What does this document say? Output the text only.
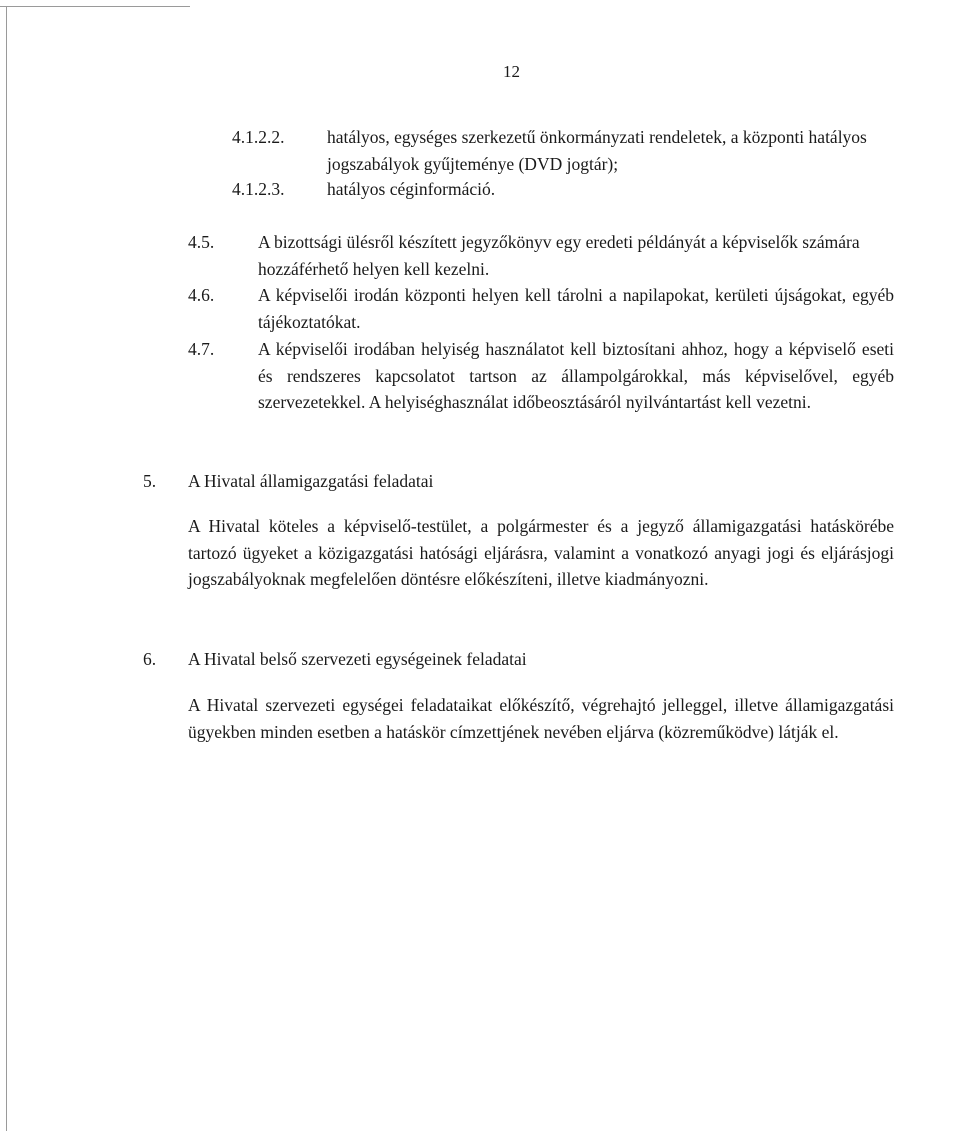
12
4.1.2.2. hatályos, egységes szerkezetű önkormányzati rendeletek, a központi hatályos jogszabályok gyűjteménye (DVD jogtár);

4.1.2.3. hatályos céginformáció.

4.5.	A bizottsági ülésről készített jegyzőkönyv egy eredeti példányát a képviselők számára hozzáférhető helyen kell kezelni.

4.6.	A képviselői irodán központi helyen kell tárolni a napilapokat, kerületi újságokat, egyéb tájékoztatókat.

4.7.	A képviselői irodában helyiség használatot kell biztosítani ahhoz, hogy a képviselő eseti és rendszeres kapcsolatot tartson az állampolgárokkal, más képviselővel, egyéb szervezetekkel. A helyiséghasználat időbeosztásáról nyilvántartást kell vezetni.

5. A Hivatal államigazgatási feladatai

A Hivatal köteles a képviselő-testület, a polgármester és a jegyző államigazgatási hatáskörébe tartozó ügyeket a közigazgatási hatósági eljárásra, valamint a vonatkozó anyagi jogi és eljárásjogi jogszabályoknak megfelelően döntésre előkészíteni, illetve kiadmányozni.

6. A Hivatal belső szervezeti egységeinek feladatai

A Hivatal szervezeti egységei feladataikat előkészítő, végrehajtó jelleggel, illetve államigazgatási ügyekben minden esetben a hatáskör címzettjének nevében eljárva (közreműködve) látják el.
